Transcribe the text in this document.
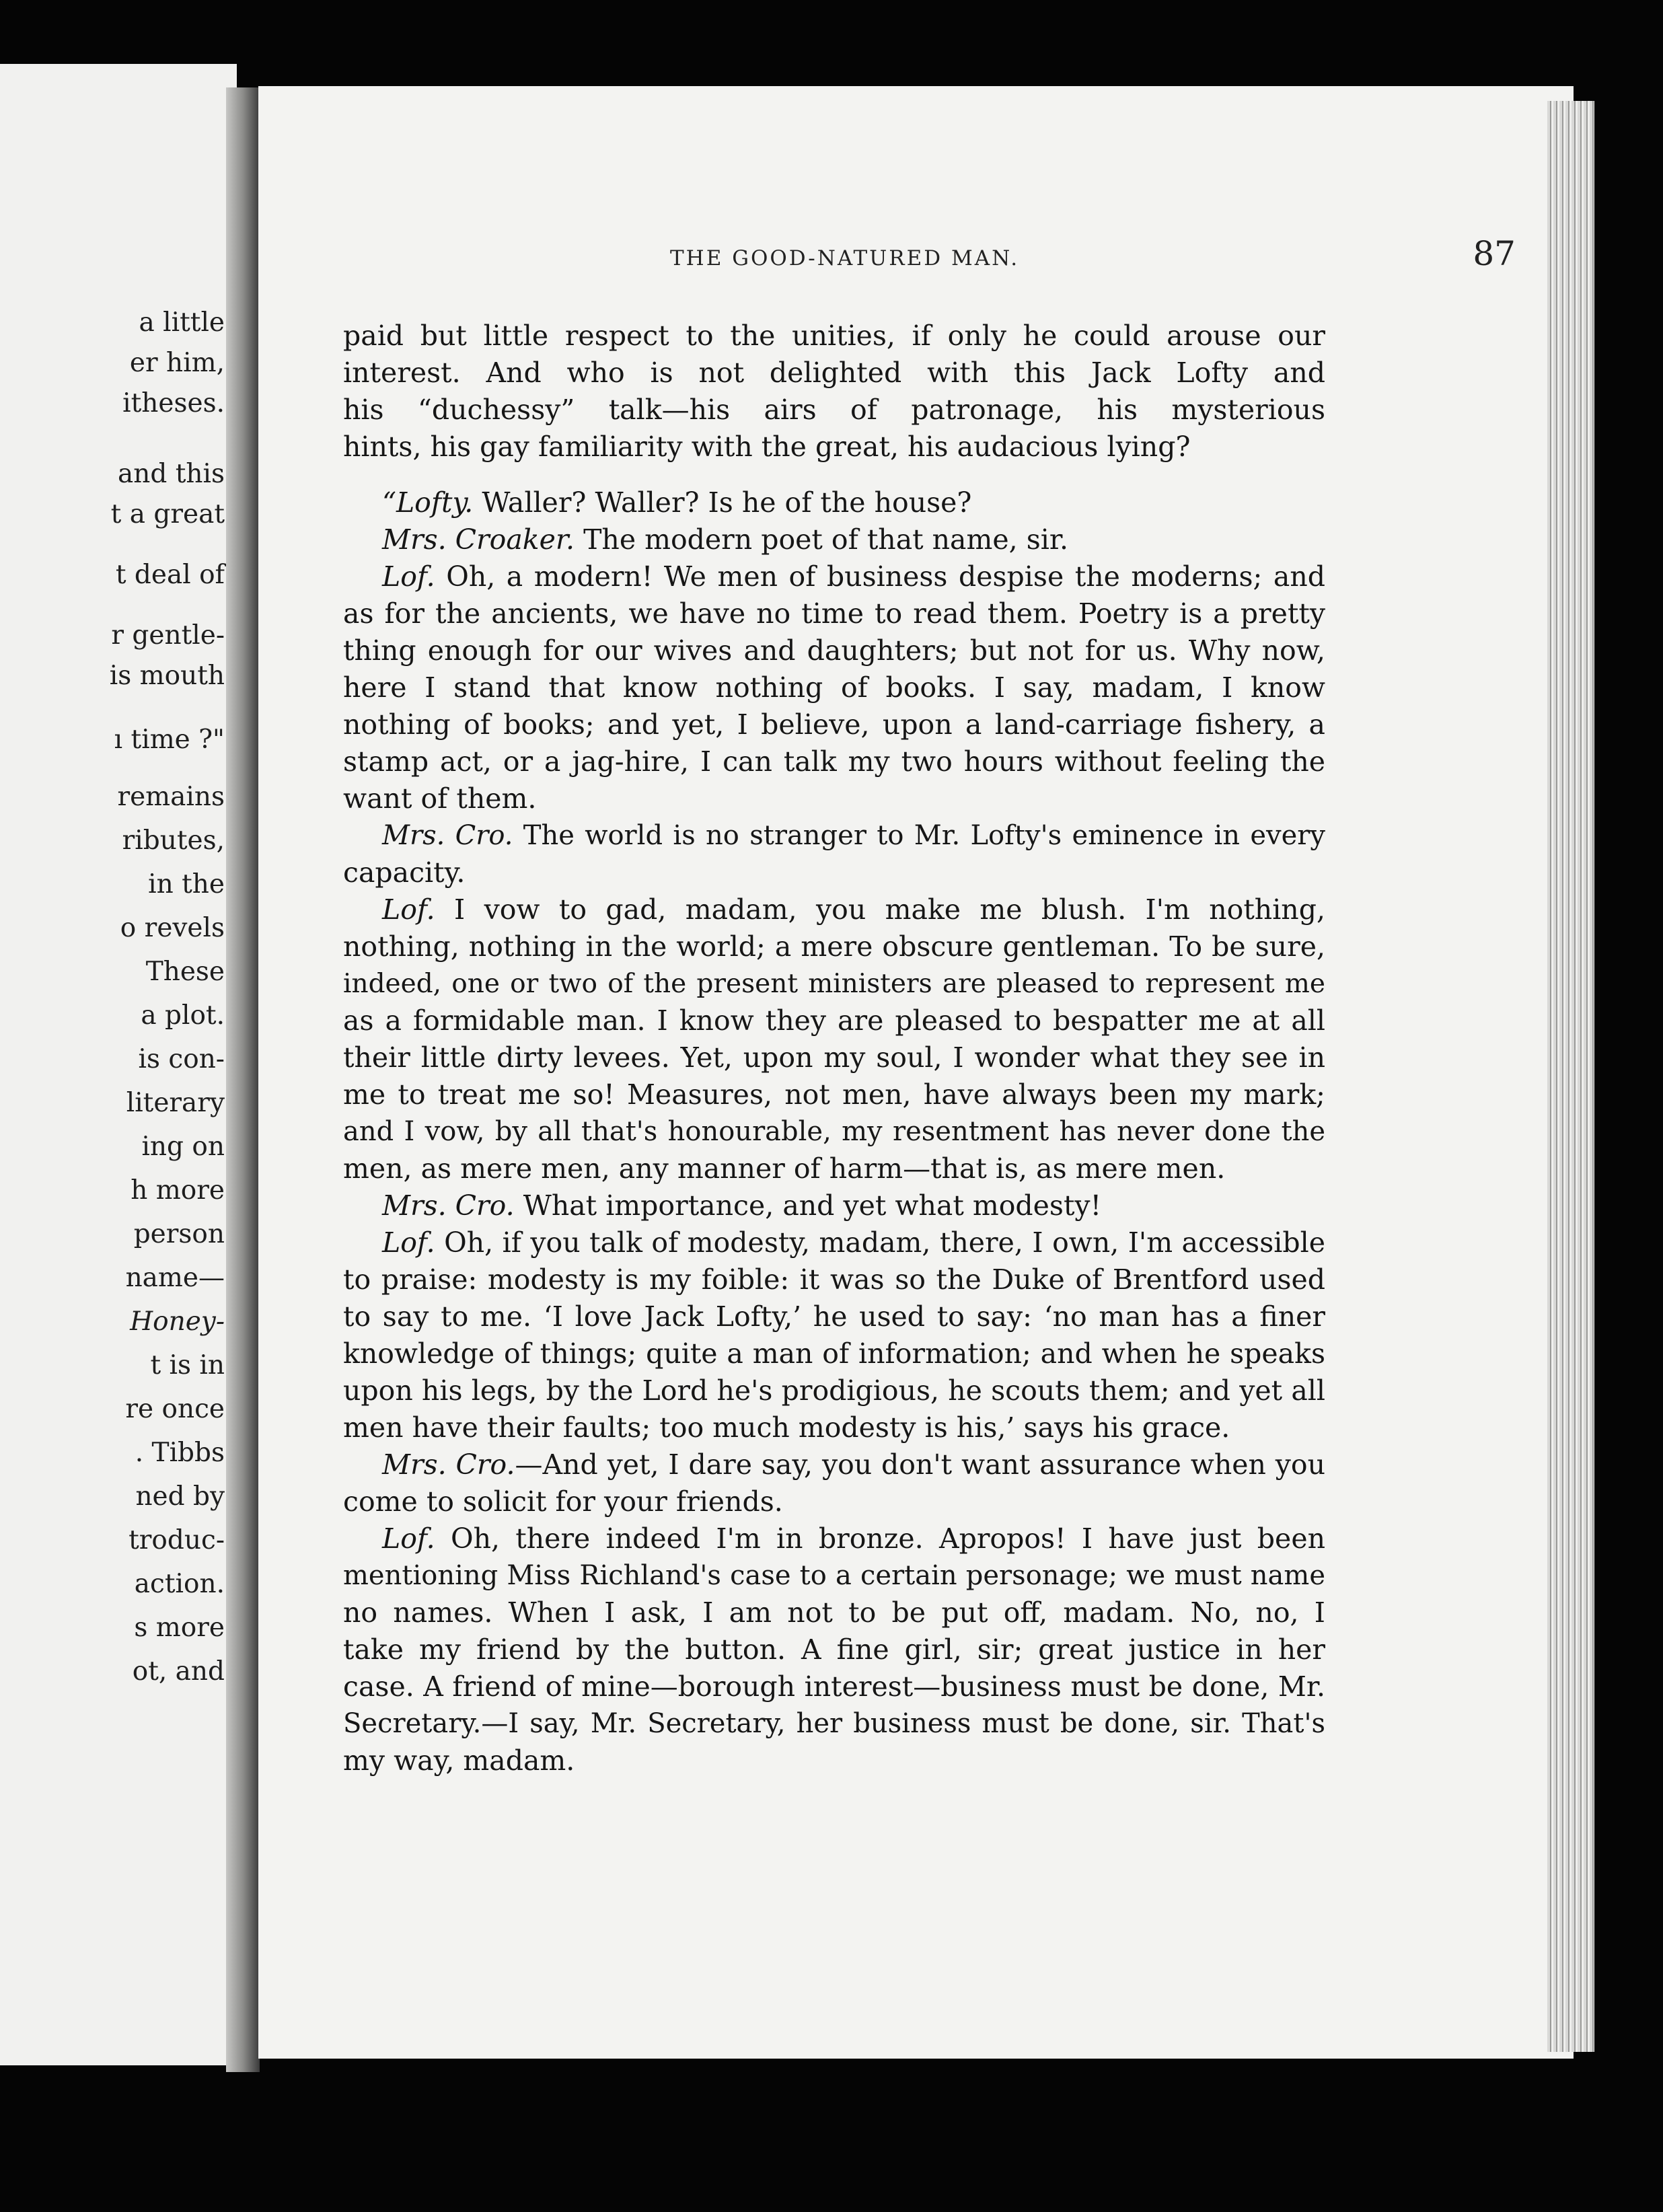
a little

er him,

itheses.

and this

t a great

t deal of

r gentle-

is mouth

ı time ?"

remains

ributes,

in the

o revels

These

a plot.

is con-

literary

ing on

h more

person

name—

Honey-

t is in

re once

. Tibbs

ned by

troduc-

action.

s more

ot, and

THE GOOD-NATURED MAN.	87

paid but little respect to the unities, if only he could arouse our

interest. And who is not delighted with this Jack Lofty and

his “duchessy” talk—his airs of patronage, his mysterious

hints, his gay familiarity with the great, his audacious lying?

“Lofty. Waller? Waller? Is he of the house?

Mrs. Croaker. The modern poet of that name, sir.

Lof. Oh, a modern! We men of business despise the moderns; and

as for the ancients, we have no time to read them. Poetry is a pretty

thing enough for our wives and daughters; but not for us. Why now,

here I stand that know nothing of books. I say, madam, I know

nothing of books; and yet, I believe, upon a land-carriage fishery, a

stamp act, or a jag-hire, I can talk my two hours without feeling the

want of them.

Mrs. Cro. The world is no stranger to Mr. Lofty's eminence in every

capacity.

Lof. I vow to gad, madam, you make me blush. I'm nothing,

nothing, nothing in the world; a mere obscure gentleman. To be sure,

indeed, one or two of the present ministers are pleased to represent me

as a formidable man. I know they are pleased to bespatter me at all

their little dirty levees. Yet, upon my soul, I wonder what they see in

me to treat me so! Measures, not men, have always been my mark;

and I vow, by all that's honourable, my resentment has never done the

men, as mere men, any manner of harm—that is, as mere men.

Mrs. Cro. What importance, and yet what modesty!

Lof. Oh, if you talk of modesty, madam, there, I own, I'm accessible

to praise: modesty is my foible: it was so the Duke of Brentford used

to say to me. ‘I love Jack Lofty,’ he used to say: ‘no man has a finer

knowledge of things; quite a man of information; and when he speaks

upon his legs, by the Lord he's prodigious, he scouts them; and yet all

men have their faults; too much modesty is his,’ says his grace.

Mrs. Cro.—And yet, I dare say, you don't want assurance when you

come to solicit for your friends.

Lof. Oh, there indeed I'm in bronze. Apropos! I have just been

mentioning Miss Richland's case to a certain personage; we must name

no names. When I ask, I am not to be put off, madam. No, no, I

take my friend by the button. A fine girl, sir; great justice in her

case. A friend of mine—borough interest—business must be done, Mr.

Secretary.—I say, Mr. Secretary, her business must be done, sir. That's

my way, madam.
